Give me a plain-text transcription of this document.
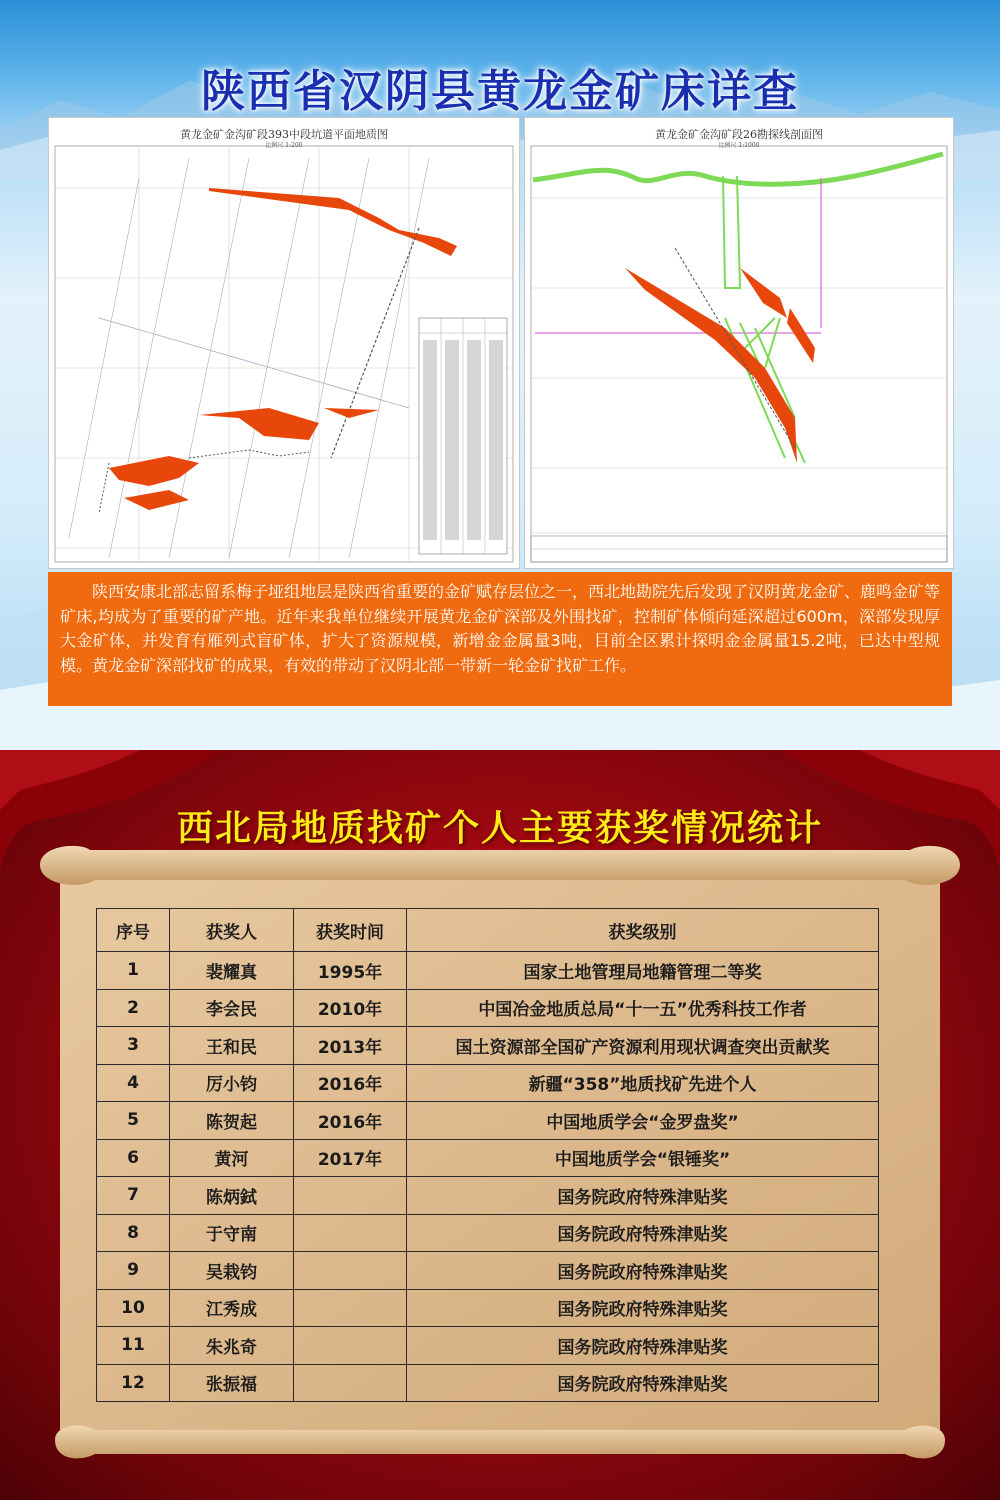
陕西省汉阴县黄龙金矿床详查
黄龙金矿金沟矿段393中段坑道平面地质图
比例尺 1:200
黄龙金矿金沟矿段26勘探线剖面图
比例尺 1:1000

陕西安康北部志留系梅子垭组地层是陕西省重要的金矿赋存层位之一，西北地勘院先后发现了汉阴黄龙金矿、鹿鸣金矿等矿床,均成为了重要的矿产地。近年来我单位继续开展黄龙金矿深部及外围找矿，控制矿体倾向延深超过600m，深部发现厚大金矿体，并发育有雁列式盲矿体，扩大了资源规模，新增金金属量3吨，目前全区累计探明金金属量15.2吨，已达中型规模。黄龙金矿深部找矿的成果，有效的带动了汉阴北部一带新一轮金矿找矿工作。

西北局地质找矿个人主要获奖情况统计
序号	获奖人	获奖时间	获奖级别
1	裴耀真	1995年	国家土地管理局地籍管理二等奖
2	李会民	2010年	中国冶金地质总局“十一五”优秀科技工作者
3	王和民	2013年	国土资源部全国矿产资源利用现状调查突出贡献奖
4	厉小钧	2016年	新疆“358”地质找矿先进个人
5	陈贺起	2016年	中国地质学会“金罗盘奖”
6	黄河	2017年	中国地质学会“银锤奖”
7	陈炳鉽		国务院政府特殊津贴奖
8	于守南		国务院政府特殊津贴奖
9	吴栽钧		国务院政府特殊津贴奖
10	江秀成		国务院政府特殊津贴奖
11	朱兆奇		国务院政府特殊津贴奖
12	张振福		国务院政府特殊津贴奖
